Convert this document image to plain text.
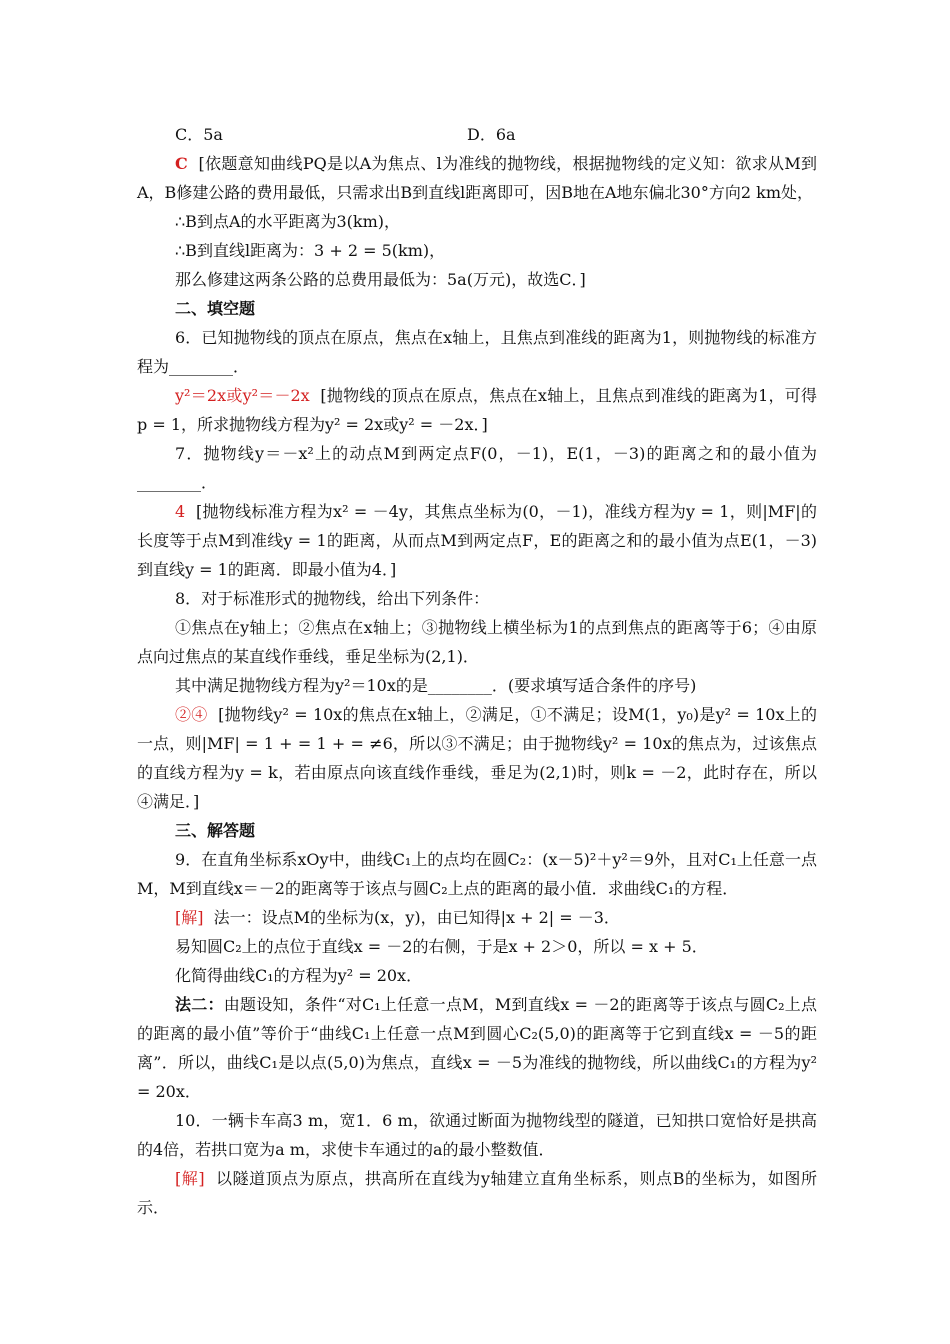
C．5a	D．6a

C [依题意知曲线PQ是以A为焦点、l为准线的抛物线，根据抛物线的定义知：欲求从M到A，B修建公路的费用最低，只需求出B到直线l距离即可，因B地在A地东偏北30°方向2 km处，

∴B到点A的水平距离为3(km)，

∴B到直线l距离为：3 + 2 = 5(km)，

那么修建这两条公路的总费用最低为：5a(万元)，故选C．]

二、填空题

6．已知抛物线的顶点在原点，焦点在x轴上，且焦点到准线的距离为1，则抛物线的标准方程为________．

y²＝2x或y²＝－2x [抛物线的顶点在原点，焦点在x轴上，且焦点到准线的距离为1，可得p = 1，所求抛物线方程为y² = 2x或y² = －2x．]

7．抛物线y＝－x²上的动点M到两定点F(0，－1)，E(1，－3)的距离之和的最小值为________．

4 [抛物线标准方程为x² = －4y，其焦点坐标为(0，－1)，准线方程为y = 1，则|MF|的长度等于点M到准线y = 1的距离，从而点M到两定点F，E的距离之和的最小值为点E(1，－3)到直线y = 1的距离．即最小值为4．]

8．对于标准形式的抛物线，给出下列条件：

①焦点在y轴上；②焦点在x轴上；③抛物线上横坐标为1的点到焦点的距离等于6；④由原点向过焦点的某直线作垂线，垂足坐标为(2,1)．

其中满足抛物线方程为y²＝10x的是________．(要求填写适合条件的序号)

②④ [抛物线y² = 10x的焦点在x轴上，②满足，①不满足；设M(1，y₀)是y² = 10x上的一点，则|MF| = 1 + = 1 + = ≠6，所以③不满足；由于抛物线y² = 10x的焦点为，过该焦点的直线方程为y = k，若由原点向该直线作垂线，垂足为(2,1)时，则k = －2，此时存在，所以④满足．]

三、解答题

9．在直角坐标系xOy中，曲线C₁上的点均在圆C₂：(x－5)²＋y²＝9外，且对C₁上任意一点M，M到直线x＝－2的距离等于该点与圆C₂上点的距离的最小值．求曲线C₁的方程．

[解] 法一：设点M的坐标为(x，y)，由已知得|x + 2| = －3．

易知圆C₂上的点位于直线x = －2的右侧，于是x + 2＞0，所以 = x + 5．

化简得曲线C₁的方程为y² = 20x．

法二：由题设知，条件“对C₁上任意一点M，M到直线x = －2的距离等于该点与圆C₂上点的距离的最小值”等价于“曲线C₁上任意一点M到圆心C₂(5,0)的距离等于它到直线x = －5的距离”．所以，曲线C₁是以点(5,0)为焦点，直线x = －5为准线的抛物线，所以曲线C₁的方程为y² = 20x．

10．一辆卡车高3 m，宽1．6 m，欲通过断面为抛物线型的隧道，已知拱口宽恰好是拱高的4倍，若拱口宽为a m，求使卡车通过的a的最小整数值．

[解] 以隧道顶点为原点，拱高所在直线为y轴建立直角坐标系，则点B的坐标为，如图所示．
